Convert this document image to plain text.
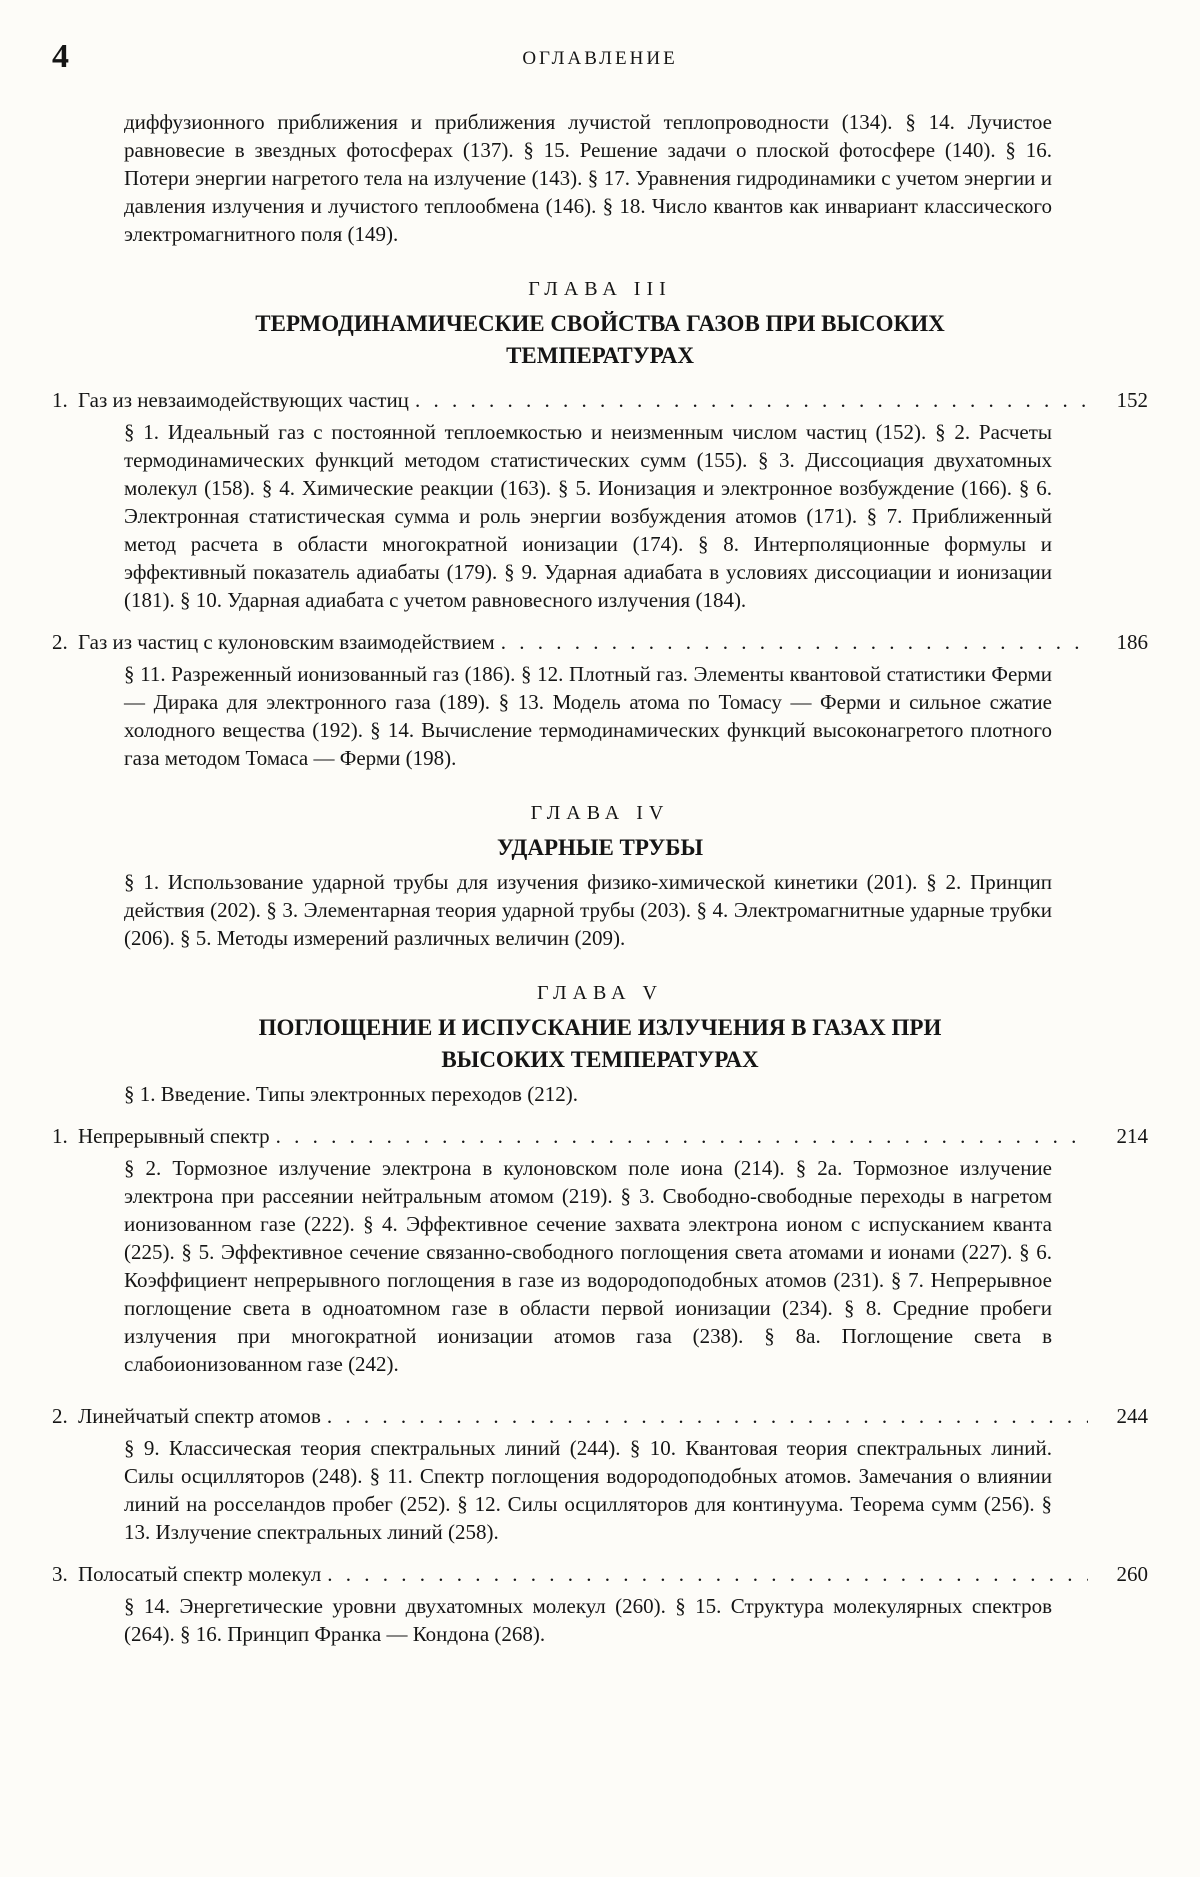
4	ОГЛАВЛЕНИЕ
диффузионного приближения и приближения лучистой теплопроводности (134). § 14. Лучистое равновесие в звездных фотосферах (137). § 15. Решение задачи о плоской фотосфере (140). § 16. Потери энергии нагретого тела на излучение (143). § 17. Уравнения гидродинамики с учетом энергии и давления излучения и лучистого теплообмена (146). § 18. Число квантов как инвариант классического электромагнитного поля (149).
ГЛАВА III
ТЕРМОДИНАМИЧЕСКИЕ СВОЙСТВА ГАЗОВ ПРИ ВЫСОКИХ ТЕМПЕРАТУРАХ
1. Газ из невзаимодействующих частиц . . .	152
§ 1. Идеальный газ с постоянной теплоемкостью и неизменным числом частиц (152). § 2. Расчеты термодинамических функций методом статистических сумм (155). § 3. Диссоциация двухатомных молекул (158). § 4. Химические реакции (163). § 5. Ионизация и электронное возбуждение (166). § 6. Электронная статистическая сумма и роль энергии возбуждения атомов (171). § 7. Приближенный метод расчета в области многократной ионизации (174). § 8. Интерполяционные формулы и эффективный показатель адиабаты (179). § 9. Ударная адиабата в условиях диссоциации и ионизации (181). § 10. Ударная адиабата с учетом равновесного излучения (184).
2. Газ из частиц с кулоновским взаимодействием . . .	186
§ 11. Разреженный ионизованный газ (186). § 12. Плотный газ. Элементы квантовой статистики Ферми — Дирака для электронного газа (189). § 13. Модель атома по Томасу — Ферми и сильное сжатие холодного вещества (192). § 14. Вычисление термодинамических функций высоконагретого плотного газа методом Томаса — Ферми (198).
ГЛАВА IV
УДАРНЫЕ ТРУБЫ
§ 1. Использование ударной трубы для изучения физико-химической кинетики (201). § 2. Принцип действия (202). § 3. Элементарная теория ударной трубы (203). § 4. Электромагнитные ударные трубки (206). § 5. Методы измерений различных величин (209).
ГЛАВА V
ПОГЛОЩЕНИЕ И ИСПУСКАНИЕ ИЗЛУЧЕНИЯ В ГАЗАХ ПРИ ВЫСОКИХ ТЕМПЕРАТУРАХ
§ 1. Введение. Типы электронных переходов (212).
1. Непрерывный спектр . . .	214
§ 2. Тормозное излучение электрона в кулоновском поле иона (214). § 2а. Тормозное излучение электрона при рассеянии нейтральным атомом (219). § 3. Свободно-свободные переходы в нагретом ионизованном газе (222). § 4. Эффективное сечение захвата электрона ионом с испусканием кванта (225). § 5. Эффективное сечение связанно-свободного поглощения света атомами и ионами (227). § 6. Коэффициент непрерывного поглощения в газе из водородоподобных атомов (231). § 7. Непрерывное поглощение света в одноатомном газе в области первой ионизации (234). § 8. Средние пробеги излучения при многократной ионизации атомов газа (238). § 8а. Поглощение света в слабоионизованном газе (242).
2. Линейчатый спектр атомов . . .	244
§ 9. Классическая теория спектральных линий (244). § 10. Квантовая теория спектральных линий. Силы осцилляторов (248). § 11. Спектр поглощения водородоподобных атомов. Замечания о влиянии линий на росселандов пробег (252). § 12. Силы осцилляторов для континуума. Теорема сумм (256). § 13. Излучение спектральных линий (258).
3. Полосатый спектр молекул . . .	260
§ 14. Энергетические уровни двухатомных молекул (260). § 15. Структура молекулярных спектров (264). § 16. Принцип Франка — Кондона (268).
